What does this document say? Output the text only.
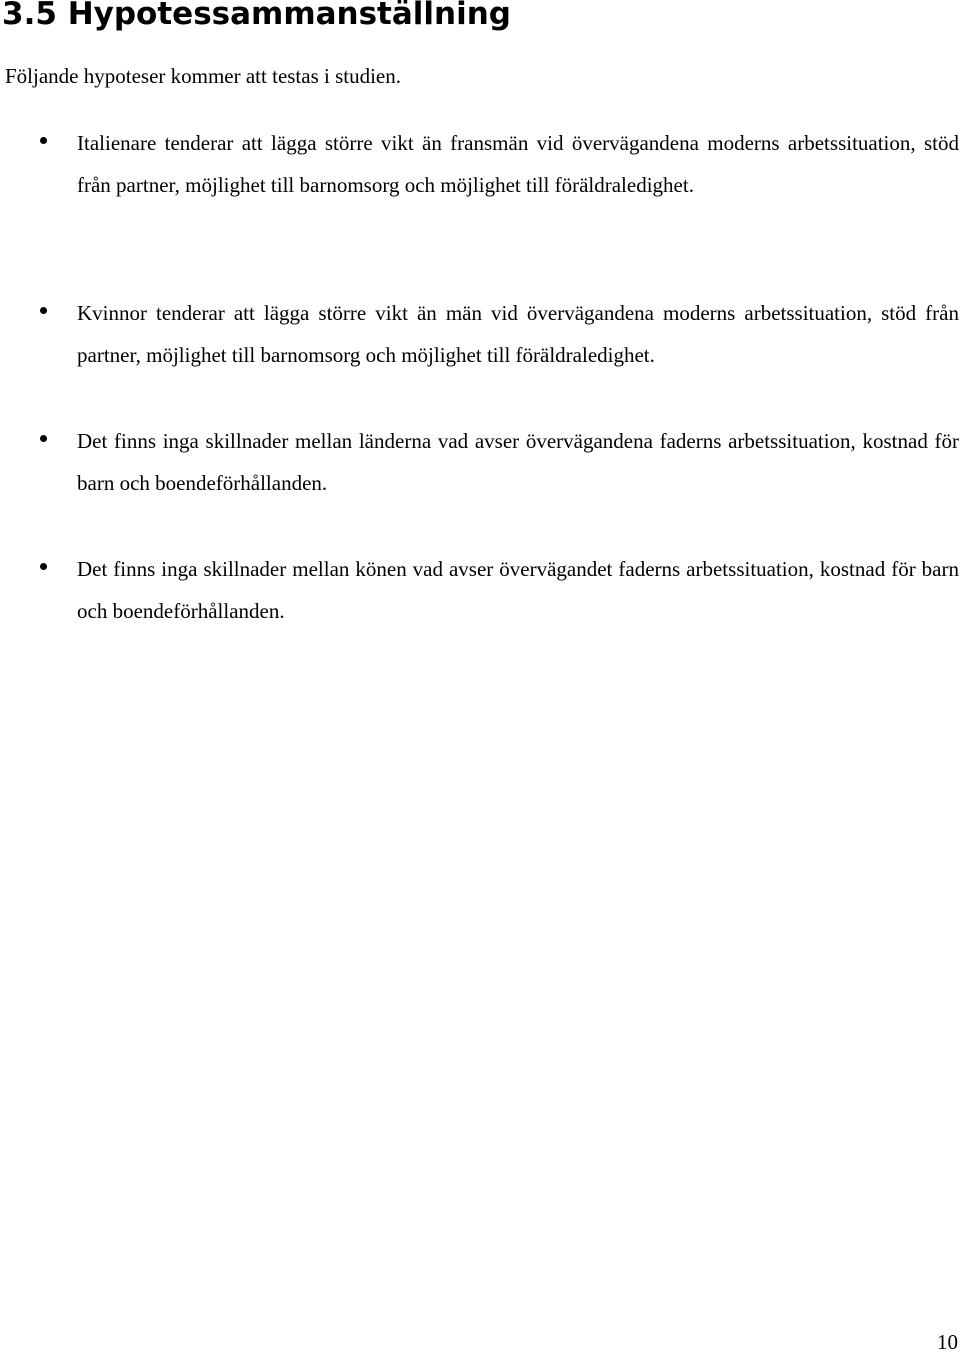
3.5 Hypotessammanställning

Följande hypoteser kommer att testas i studien.

Italienare tenderar att lägga större vikt än fransmän vid övervägandena moderns arbetssituation, stöd från partner, möjlighet till barnomsorg och möjlighet till föräldraledighet.

Kvinnor tenderar att lägga större vikt än män vid övervägandena moderns arbetssituation, stöd från partner, möjlighet till barnomsorg och möjlighet till föräldraledighet.

Det finns inga skillnader mellan länderna vad avser övervägandena faderns arbetssituation, kostnad för barn och boendeförhållanden.

Det finns inga skillnader mellan könen vad avser övervägandet faderns arbetssituation, kostnad för barn och boendeförhållanden.

10
